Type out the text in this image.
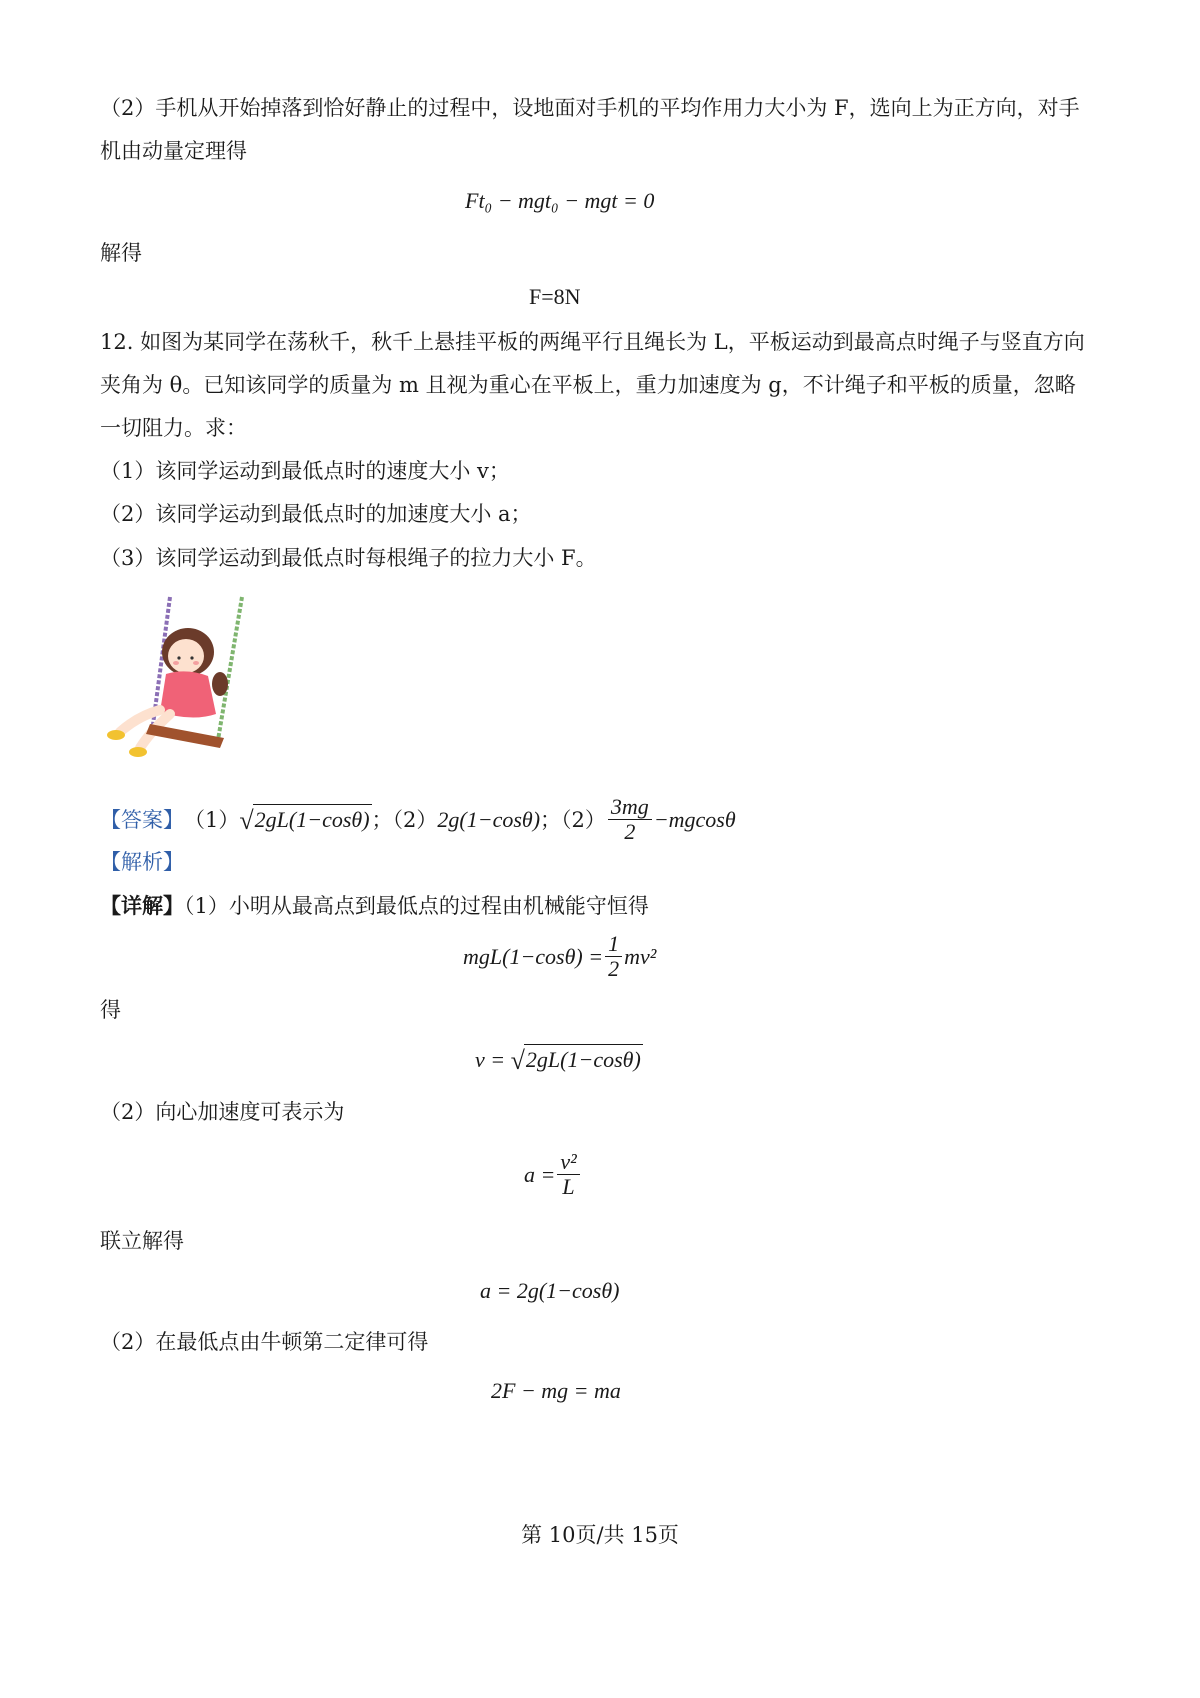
（2）手机从开始掉落到恰好静止的过程中，设地面对手机的平均作用力大小为 F，选向上为正方向，对手
机由动量定理得
Ft₀ − mgt₀ − mgt = 0
解得
F=8N
12. 如图为某同学在荡秋千，秋千上悬挂平板的两绳平行且绳长为 L，平板运动到最高点时绳子与竖直方向
夹角为 θ。已知该同学的质量为 m 且视为重心在平板上，重力加速度为 g，不计绳子和平板的质量，忽略
一切阻力。求：
（1）该同学运动到最低点时的速度大小 v；
（2）该同学运动到最低点时的加速度大小 a；
（3）该同学运动到最低点时每根绳子的拉力大小 F。
【答案】 （1） √2gL(1−cosθ) ；（2） 2g(1−cosθ) ；$(2) \frac{3mg}{2} -mgcos\theta$
【解析】
【详解】（1）小明从最高点到最低点的过程由机械能守恒得
$mgL(1-\cos\theta) = \frac{1}{2} mv^2$
得
v = √2gL(1−cosθ)
（2）向心加速度可表示为
$a = \frac{\text{v²}}{L}$
联立解得
a = 2g(1−cosθ)
（2）在最低点由牛顿第二定律可得
2F − mg = ma
第 10页/共 15页
